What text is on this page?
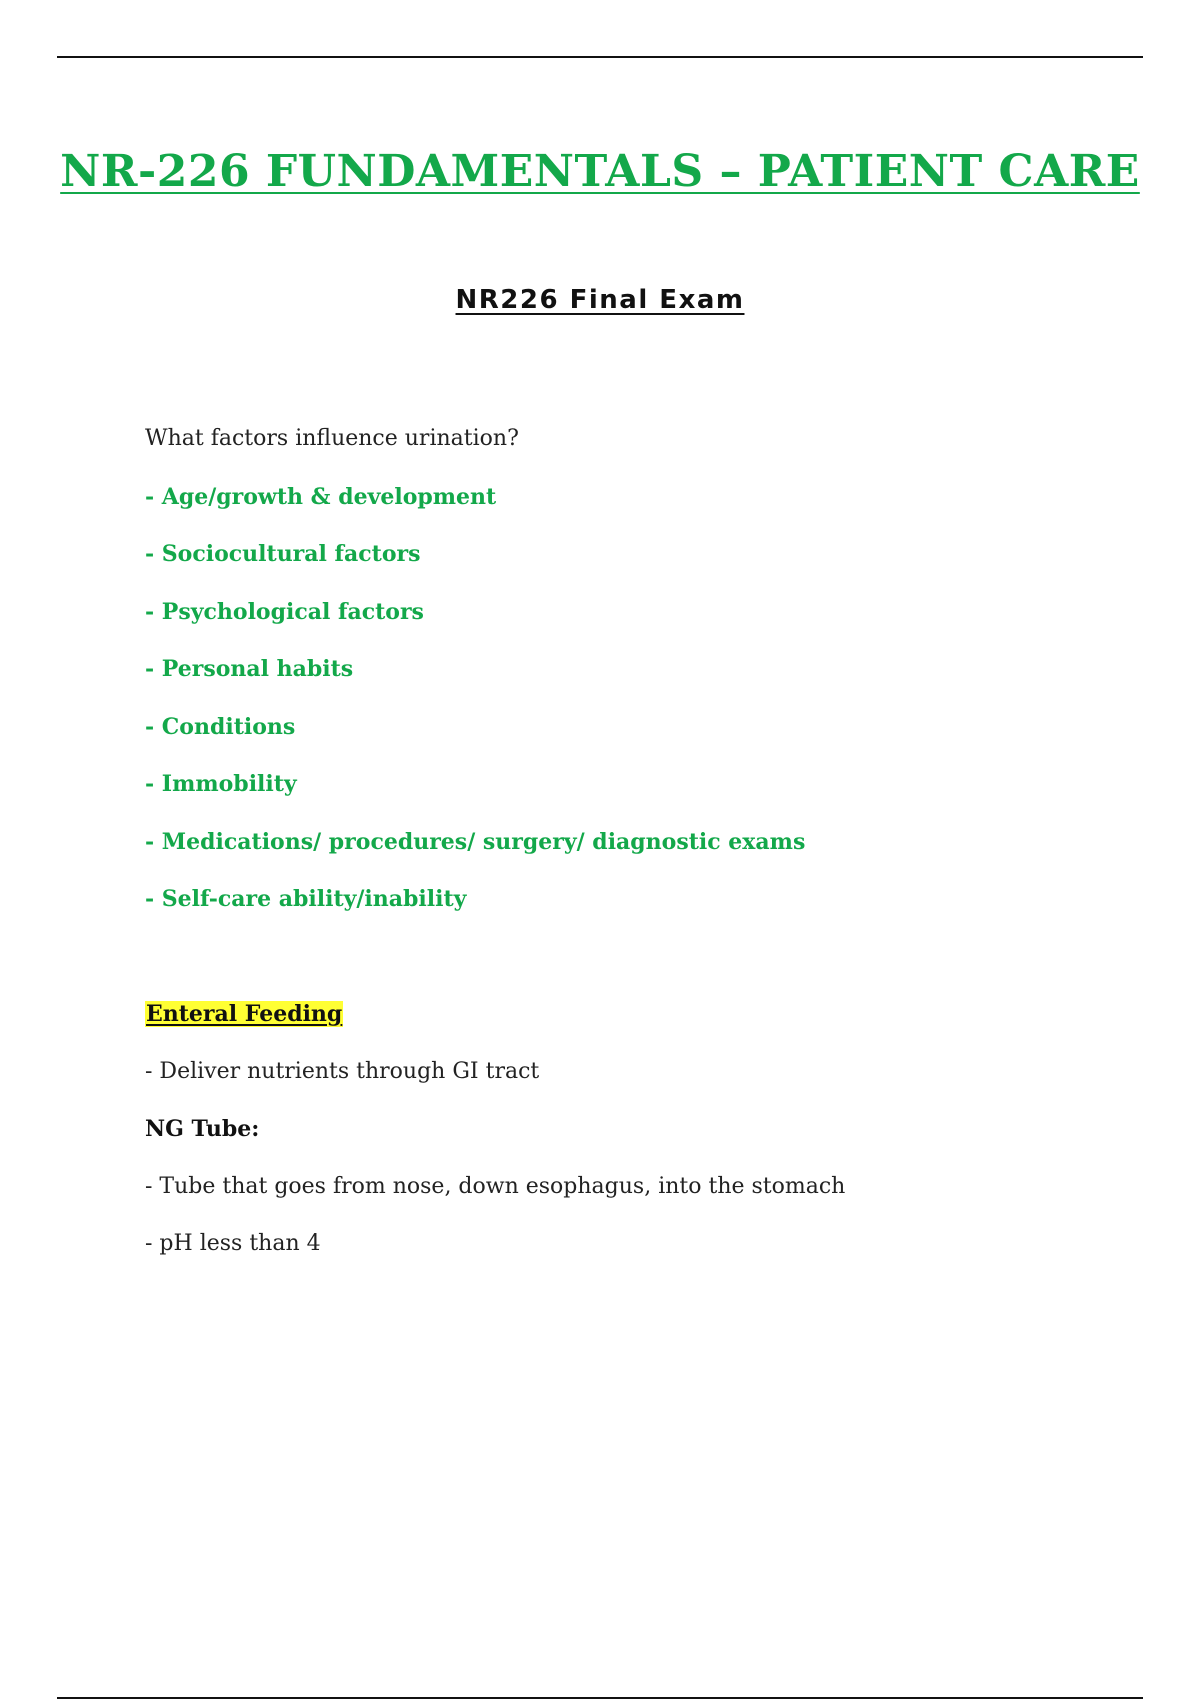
NR-226 FUNDAMENTALS – PATIENT CARE
NR226 Final Exam

What factors influence urination?

- Age/growth & development

- Sociocultural factors

- Psychological factors

- Personal habits

- Conditions

- Immobility

- Medications/ procedures/ surgery/ diagnostic exams

- Self-care ability/inability

Enteral Feeding

- Deliver nutrients through GI tract

NG Tube:

- Tube that goes from nose, down esophagus, into the stomach

- pH less than 4
